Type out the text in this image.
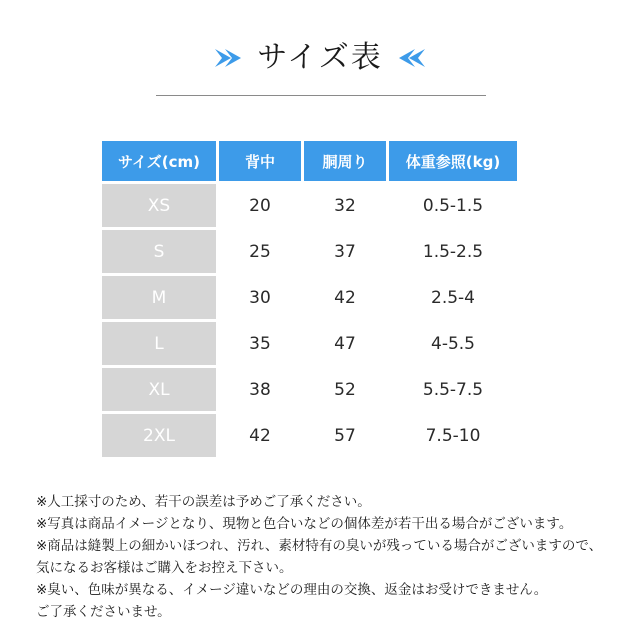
サイズ表
サイズ(cm)	背中	胴周り	体重参照(kg)
XS	20	32	0.5-1.5
S	25	37	1.5-2.5
M	30	42	2.5-4
L	35	47	4-5.5
XL	38	52	5.5-7.5
2XL	42	57	7.5-10
※人工採寸のため、若干の誤差は予めご了承ください。
※写真は商品イメージとなり、現物と色合いなどの個体差が若干出る場合がございます。
※商品は縫製上の細かいほつれ、汚れ、素材特有の臭いが残っている場合がございますので、
気になるお客様はご購入をお控え下さい。
※臭い、色味が異なる、イメージ違いなどの理由の交換、返金はお受けできません。
ご了承くださいませ。
